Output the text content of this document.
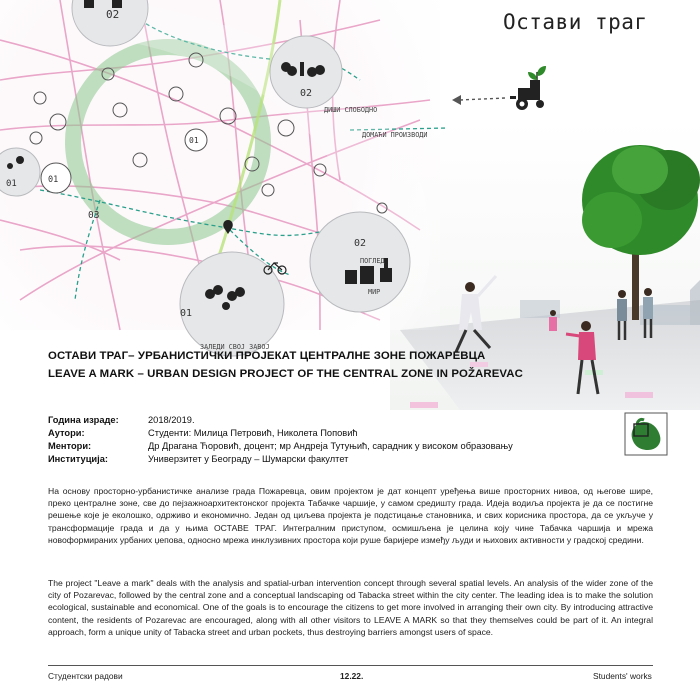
02
01	01
01
03
02
02
01
ДИШИ СЛОБОДНО
ДОМАЋИ ПРОИЗВОДИ
ПОГЛЕД
МИР
ЗАЛЕДИ СВОЈ ЗАВОЈ
Остави траг
ОСТАВИ ТРАГ– УРБАНИСТИЧКИ ПРОЈЕКАТ ЦЕНТРАЛНЕ ЗОНЕ ПОЖАРЕВЦА
LEAVE A MARK – URBAN DESIGN PROJECT OF THE CENTRAL ZONE IN POŽAREVAC
Година израде:	2018/2019.
Аутори:	Студенти: Милица Петровић, Николета Поповић
Ментори:	Др Драгана Ћоровић, доцент; мр Андреја Тутуњић, сарадник у високом образовању
Институција:	Универзитет у Београду – Шумарски факултет

На основу просторно-урбанистичке анализе града Пожаревца, овим пројектом је дат концепт уређења више просторних нивоа, од његове шире, преко централне зоне, све до пејзажноархитектонског пројекта Табачке чаршије, у самом средишту града. Идеја водиља пројекта је да се постигне решење које је еколошко, одрживо и економично. Један од циљева пројекта је подстицање становника, и свих корисника простора, да се укључе у трансформације града и да у њима ОСТАВЕ ТРАГ. Интегралним приступом, осмишљена је целина коју чине Табачка чаршија и мрежа новоформираних урбаних џепова, односно мрежа инклузивних простора који руше баријере између људи и њихових активности у градској средини.

The project "Leave a mark" deals with the analysis and spatial-urban intervention concept through several spatial levels. An analysis of the wider zone of the city of Pozarevac, followed by the central zone and a conceptual landscaping od Tabacka street within the city center. The leading idea is to make the solution ecological, sustainable and economical. One of the goals is to encourage the citizens to get more involved in arranging their own city. By introducing attractive content, the residents of Pozarevac are encouraged, along with all other visitors to LEAVE A MARK so that they themselves could be part of it. An integral approach, form a unique unity of Tabacka street and urban pockets, thus destroying barriers amongst users of space.

Студентски радови	12.22.	Students' works
